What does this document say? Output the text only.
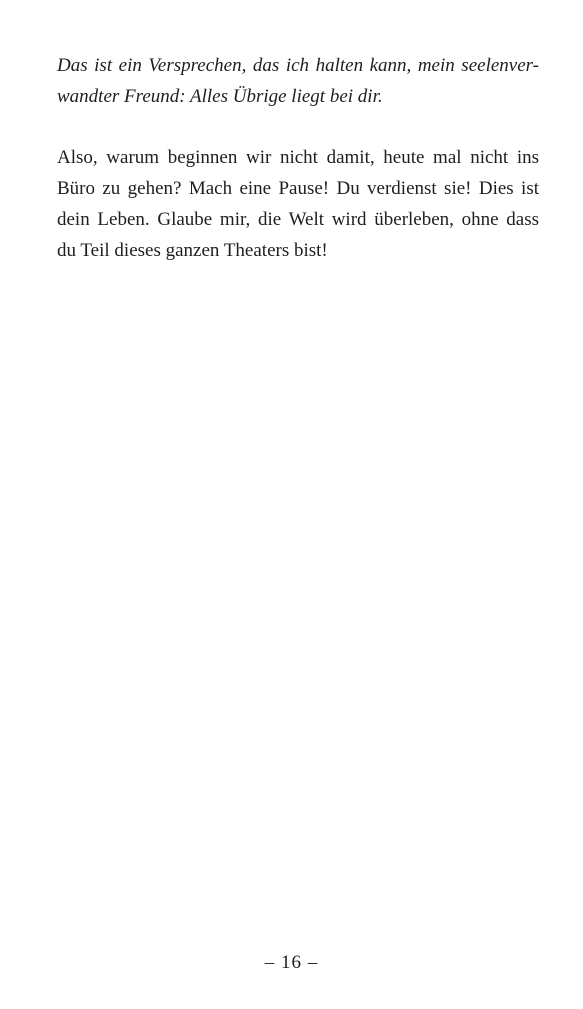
Das ist ein Versprechen, das ich halten kann, mein seelenver-
wandter Freund: Alles Übrige liegt bei dir.

Also, warum beginnen wir nicht damit, heute mal nicht ins
Büro zu gehen? Mach eine Pause! Du verdienst sie! Dies ist
dein Leben. Glaube mir, die Welt wird überleben, ohne dass
du Teil dieses ganzen Theaters bist!

– 16 –
